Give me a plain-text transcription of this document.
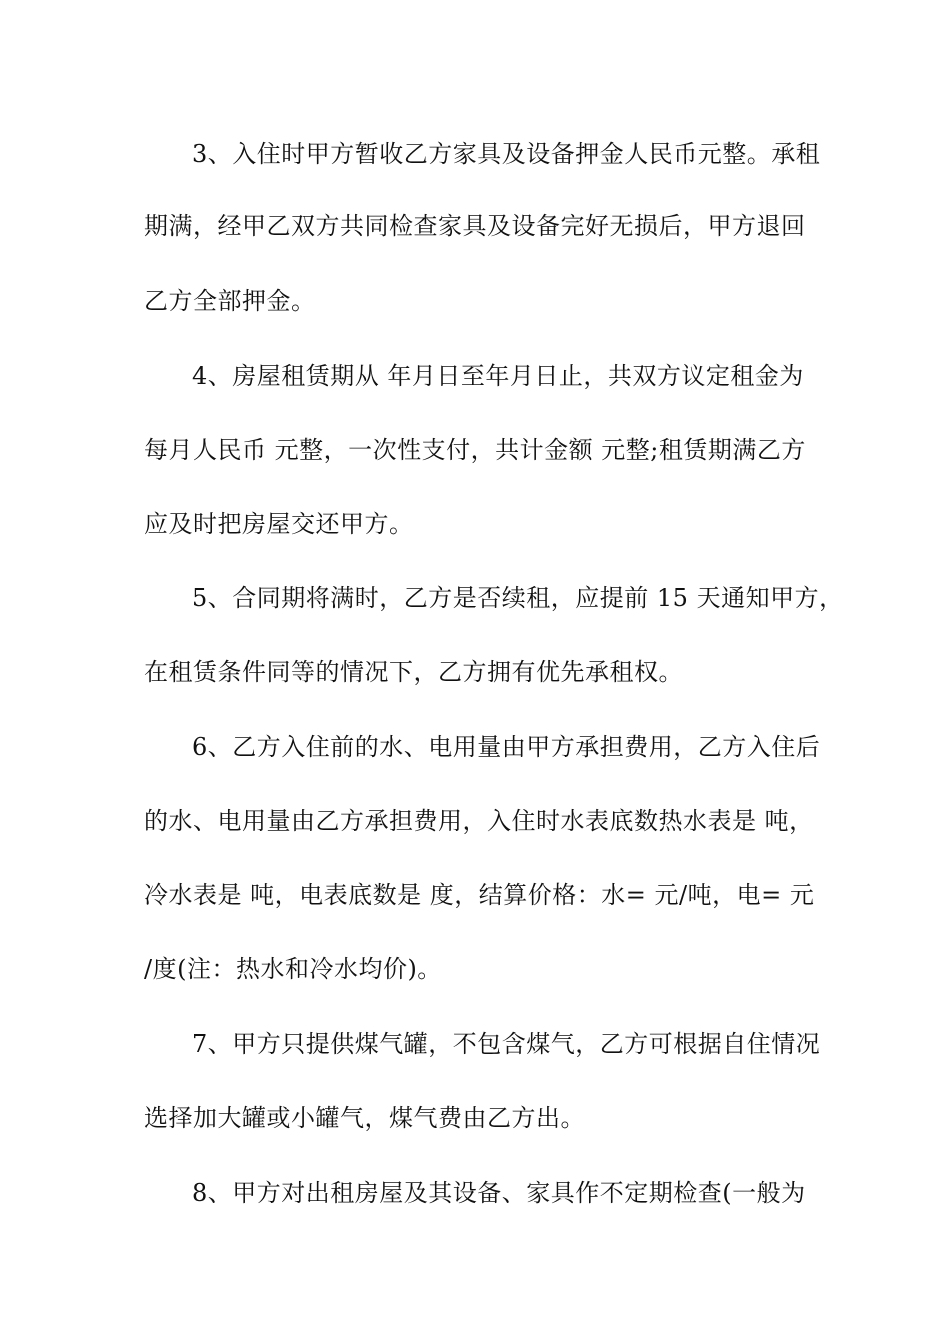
3、入住时甲方暂收乙方家具及设备押金人民币元整。承租
期满，经甲乙双方共同检查家具及设备完好无损后，甲方退回
乙方全部押金。
4、房屋租赁期从 年月日至年月日止，共双方议定租金为
每月人民币 元整，一次性支付，共计金额 元整;租赁期满乙方
应及时把房屋交还甲方。
5、合同期将满时，乙方是否续租，应提前 15 天通知甲方，
在租赁条件同等的情况下，乙方拥有优先承租权。
6、乙方入住前的水、电用量由甲方承担费用，乙方入住后
的水、电用量由乙方承担费用，入住时水表底数热水表是 吨，
冷水表是 吨，电表底数是 度，结算价格：水= 元/吨，电= 元
/度(注：热水和冷水均价)。
7、甲方只提供煤气罐，不包含煤气，乙方可根据自住情况
选择加大罐或小罐气，煤气费由乙方出。
8、甲方对出租房屋及其设备、家具作不定期检查(一般为
